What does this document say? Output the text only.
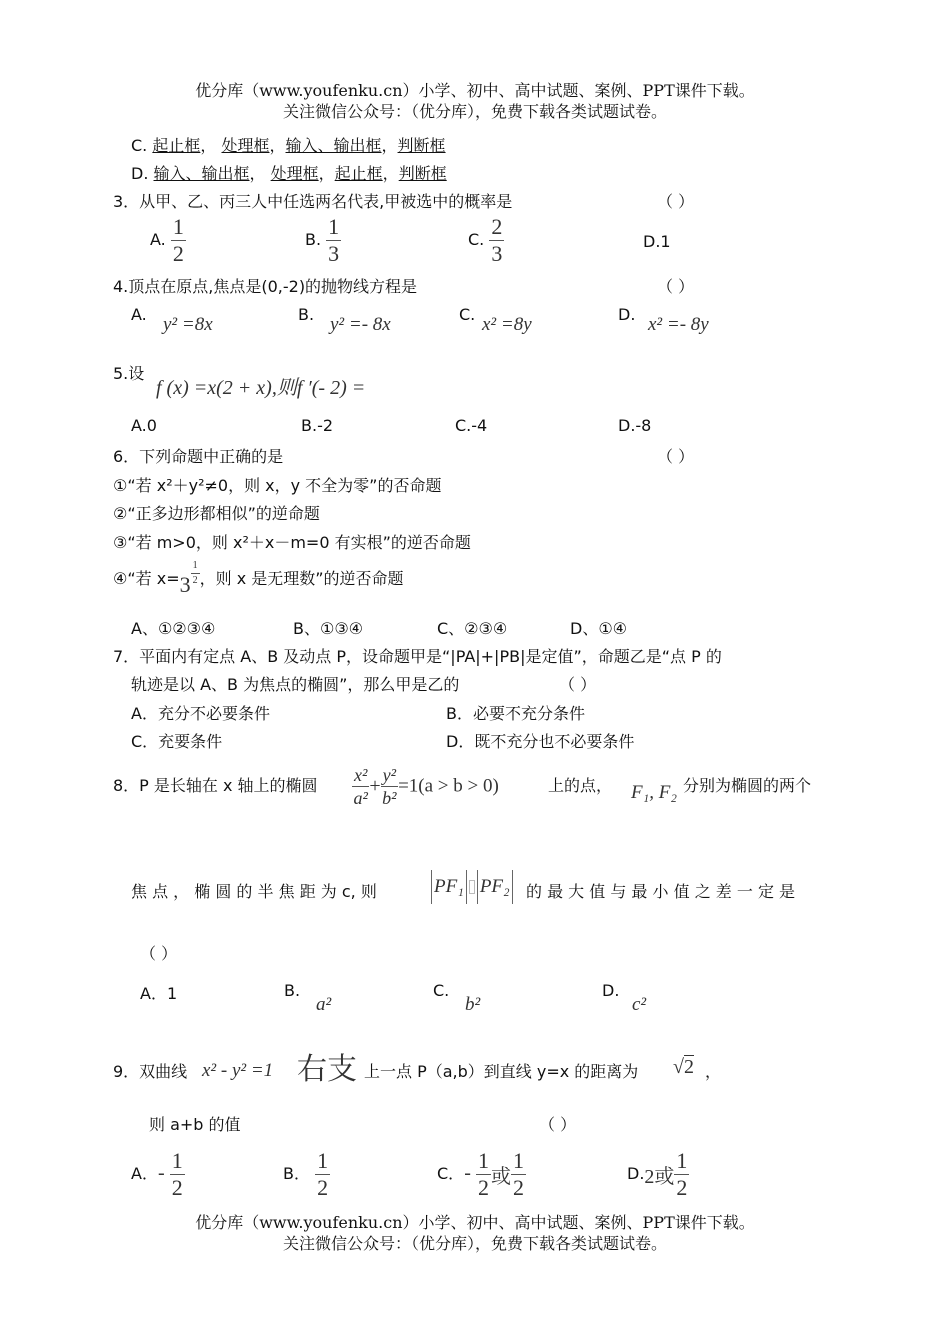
优分库（www.youfenku.cn）小学、初中、高中试题、案例、PPT课件下载。
关注微信公众号：（优分库），免费下载各类试题试卷。
C. 起止框， 处理框，输入、输出框，判断框
D. 输入、输出框， 处理框，起止框，判断框
3．从甲、乙、丙三人中任选两名代表,甲被选中的概率是	（ ）
A. $\frac{1}{2}$	B. $\frac{1}{3}$	C. $\frac{2}{3}$	D.1
4.顶点在原点,焦点是(0,-2)的抛物线方程是	（ ）
A. y² =8x	B. y² =- 8x	C. x² =8y	D. x² =- 8y
5.设
f (x) =x(2 + x),则f ′(- 2) =
A.0	B.-2	C.-4	D.-8
6．下列命题中正确的是	（ ）
①“若 x²＋y²≠0，则 x，y 不全为零”的否命题
②“正多边形都相似”的逆命题
③“若 m>0，则 x²＋x－m=0 有实根”的逆否命题
④“若 $x=3 \frac{1}{2}$ ，则 x 是无理数”的逆否命题
A、①②③④	B、①③④	C、②③④	D、①④
7．平面内有定点 A、B 及动点 P，设命题甲是“|PA|+|PB|是定值”，命题乙是“点 P 的
轨迹是以 A、B 为焦点的椭圆”，那么甲是乙的	（ ）
A．充分不必要条件	B．必要不充分条件
C．充要条件	D．既不充分也不必要条件
8．P 是长轴在 x 轴上的椭圆 $\frac{\text{x²}}{\text{a²}} + \frac{\text{y²}}{\text{b²}} =1(a > b > 0)$	上的点， F₁, F₂ 分别为椭圆的两个
焦 点 ， 椭 圆 的 半 焦 距 为 c, 则	PF₁ PF₂	的 最 大 值 与 最 小 值 之 差 一 定 是
（ ）
A．1	B.
a²
C.
b²
D.
c²
9．双曲线 x² - y² =1 右支 上一点 P（a,b）到直线 y=x 的距离为 √2 ，
则 a+b 的值	（ ）
A．- $\frac{1}{2}$	B． $\frac{1}{2}$	C．- $\frac{1}{2}$ 或 $\frac{1}{2}$	D.2或 $\frac{1}{2}$
优分库（www.youfenku.cn）小学、初中、高中试题、案例、PPT课件下载。
关注微信公众号：（优分库），免费下载各类试题试卷。
